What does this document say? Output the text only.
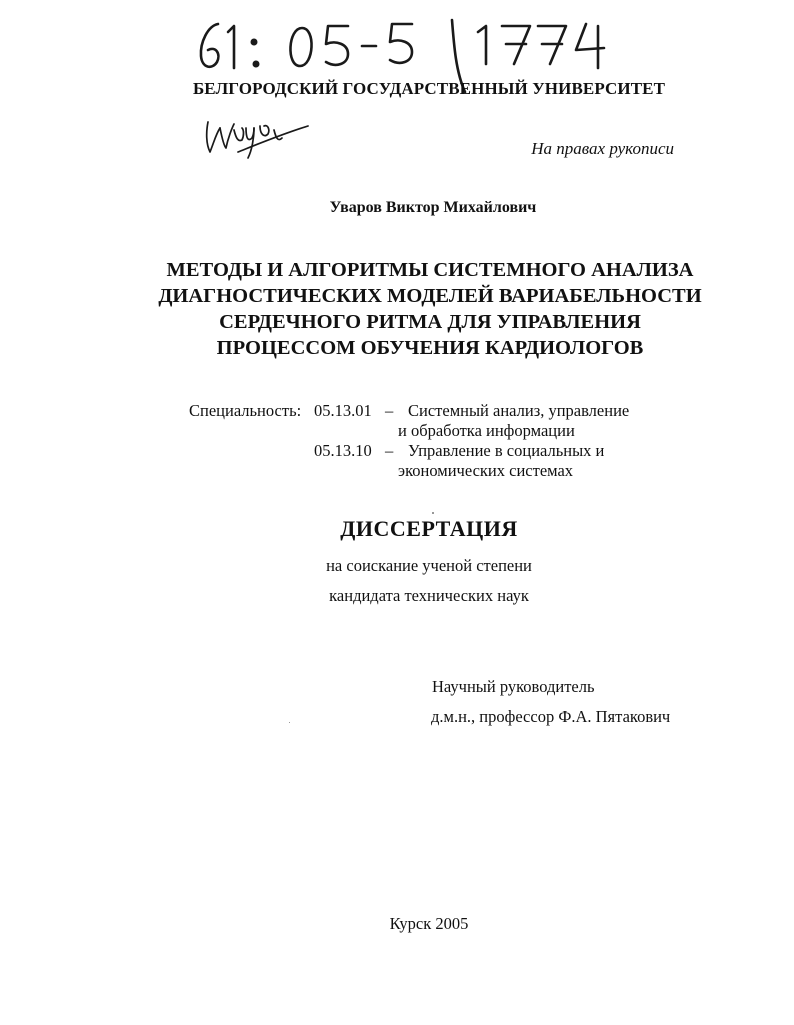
БЕЛГОРОДСКИЙ ГОСУДАРСТВЕННЫЙ УНИВЕРСИТЕТ
На правах рукописи
Уваров Виктор Михайлович
МЕТОДЫ И АЛГОРИТМЫ СИСТЕМНОГО АНАЛИЗА
ДИАГНОСТИЧЕСКИХ МОДЕЛЕЙ ВАРИАБЕЛЬНОСТИ
СЕРДЕЧНОГО РИТМА ДЛЯ УПРАВЛЕНИЯ
ПРОЦЕССОМ ОБУЧЕНИЯ КАРДИОЛОГОВ
Специальность: 05.13.01 – Системный анализ, управление
и обработка информации
05.13.10 – Управление в социальных и
экономических системах
ДИССЕРТАЦИЯ
на соискание ученой степени
кандидата технических наук
Научный руководитель
д.м.н., профессор Ф.А. Пятакович
Курск 2005
